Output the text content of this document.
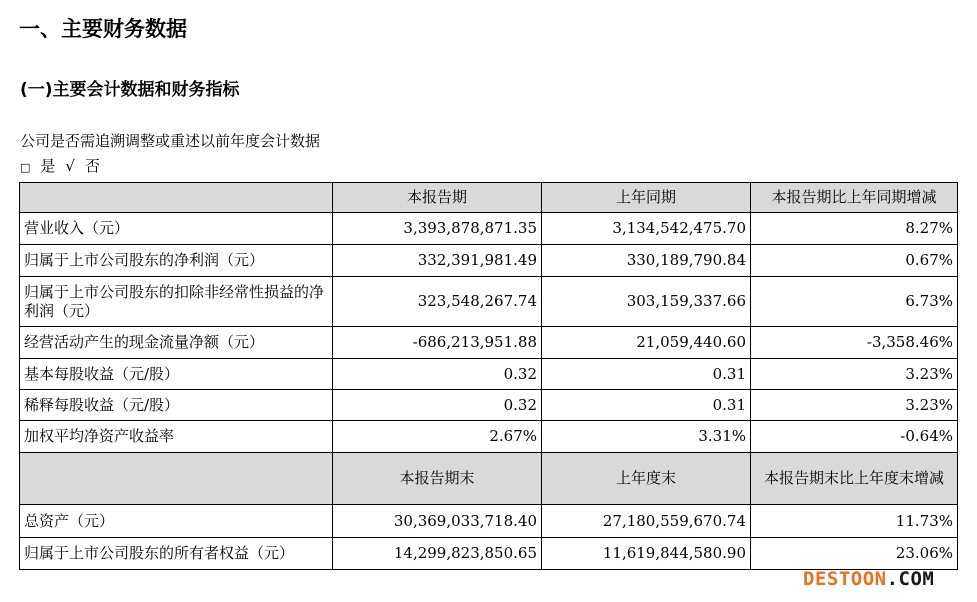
一、主要财务数据
(一)主要会计数据和财务指标
公司是否需追溯调整或重述以前年度会计数据
□ 是 √ 否
	本报告期	上年同期	本报告期比上年同期增减
营业收入（元）	3,393,878,871.35	3,134,542,475.70	8.27%
归属于上市公司股东的净利润（元）	332,391,981.49	330,189,790.84	0.67%
归属于上市公司股东的扣除非经常性损益的净利润（元）	323,548,267.74	303,159,337.66	6.73%
经营活动产生的现金流量净额（元）	-686,213,951.88	21,059,440.60	-3,358.46%
基本每股收益（元/股）	0.32	0.31	3.23%
稀释每股收益（元/股）	0.32	0.31	3.23%
加权平均净资产收益率	2.67%	3.31%	-0.64%
	本报告期末	上年度末	本报告期末比上年度末增减
总资产（元）	30,369,033,718.40	27,180,559,670.74	11.73%
归属于上市公司股东的所有者权益（元）	14,299,823,850.65	11,619,844,580.90	23.06%
DESTOON.COM
